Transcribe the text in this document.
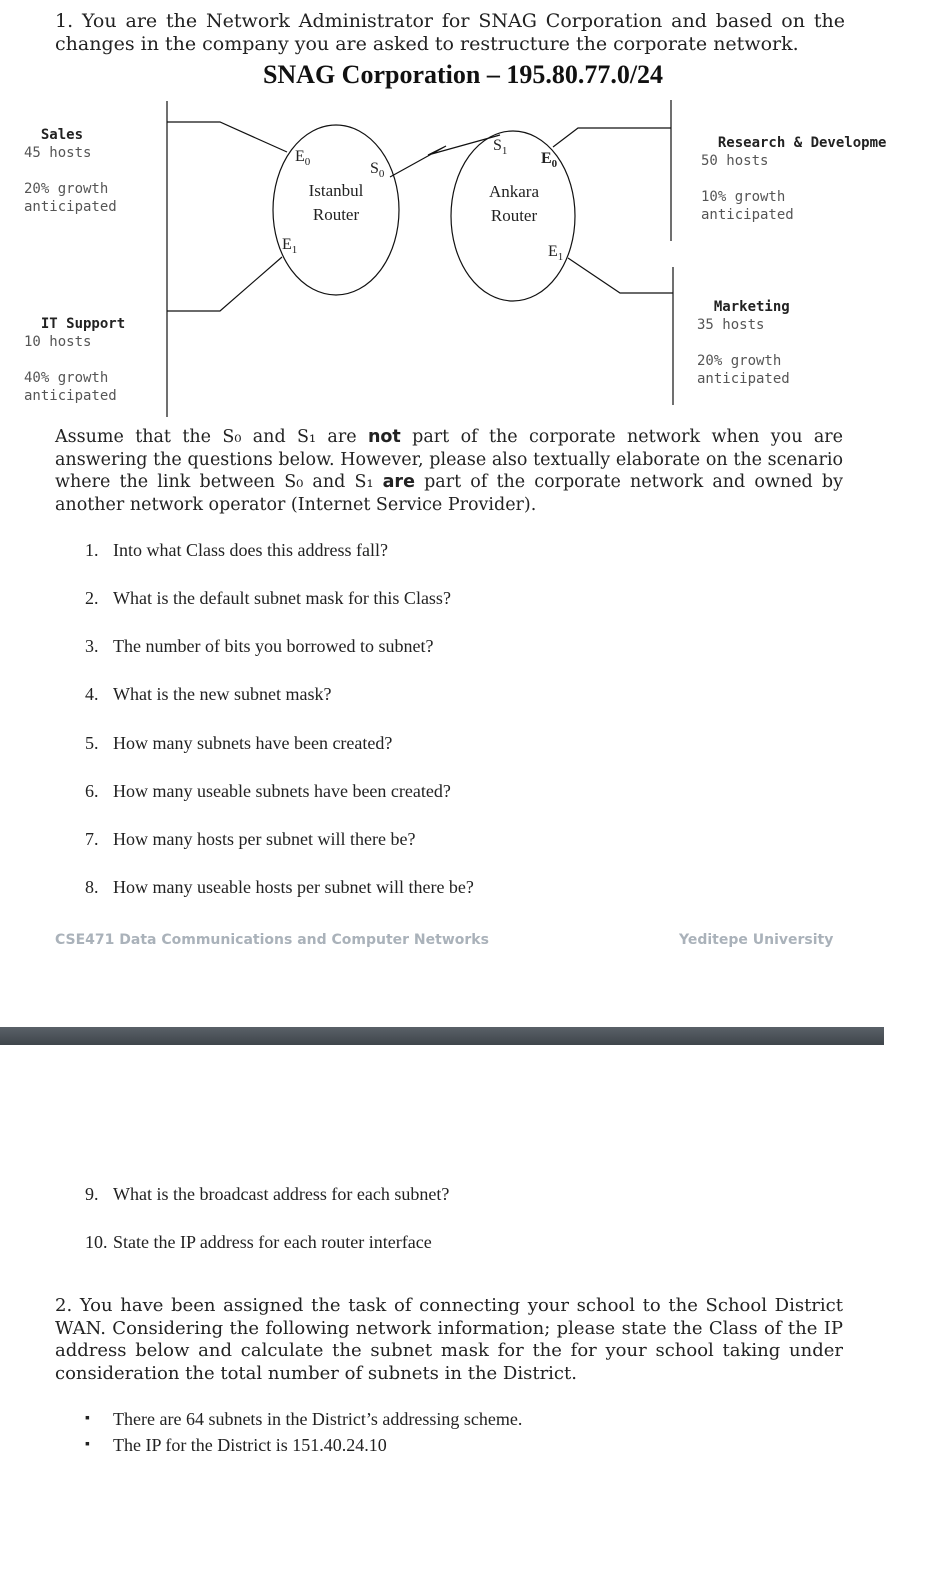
1. You are the Network Administrator for SNAG Corporation and based on the changes in the company you are asked to restructure the corporate network.
SNAG Corporation – 195.80.77.0/24

Sales
45 hosts

20% growth
anticipated

IT Support
10 hosts

40% growth
anticipated

Research & Developme
50 hosts

10% growth
anticipated

Marketing
35 hosts

20% growth
anticipated

Istanbul
Router
$E_0$	$S_0$
$E_1$
Ankara
Router
$S_1$ $E_0$
$E_1$
Assume that the S₀ and S₁ are not part of the corporate network when you are answering the questions below. However, please also textually elaborate on the scenario where the link between S₀ and S₁ are part of the corporate network and owned by another network operator (Internet Service Provider).
1. Into what Class does this address fall?
2. What is the default subnet mask for this Class?
3. The number of bits you borrowed to subnet?
4. What is the new subnet mask?
5. How many subnets have been created?
6. How many useable subnets have been created?
7. How many hosts per subnet will there be?
8. How many useable hosts per subnet will there be?
CSE471 Data Communications and Computer Networks	Yeditepe University
9. What is the broadcast address for each subnet?
10. State the IP address for each router interface
2. You have been assigned the task of connecting your school to the School District WAN. Considering the following network information; please state the Class of the IP address below and calculate the subnet mask for the for your school taking under consideration the total number of subnets in the District.
▪ There are 64 subnets in the District’s addressing scheme.
▪ The IP for the District is 151.40.24.10
